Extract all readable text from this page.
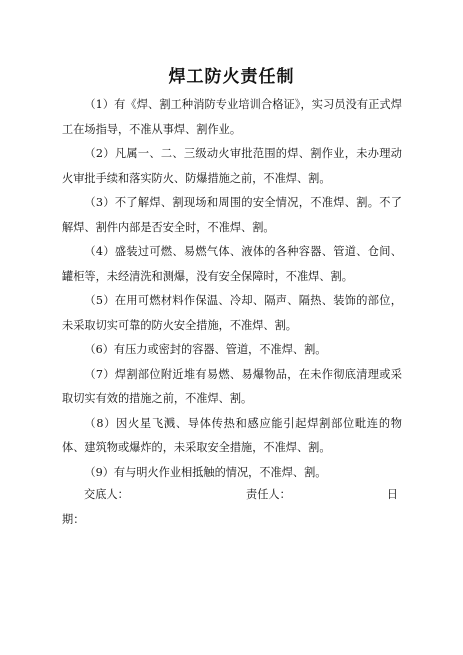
焊工防火责任制

（1）有《焊、割工种消防专业培训合格证》，实习员没有正式焊工在场指导，不准从事焊、割作业。

（2）凡属一、二、三级动火审批范围的焊、割作业，未办理动火审批手续和落实防火、防爆措施之前，不准焊、割。

（3）不了解焊、割现场和周围的安全情况，不准焊、割。不了解焊、割件内部是否安全时，不准焊、割。

（4）盛装过可燃、易燃气体、液体的各种容器、管道、仓间、罐柜等，未经清洗和测爆，没有安全保障时，不准焊、割。

（5）在用可燃材料作保温、冷却、隔声、隔热、装饰的部位，未采取切实可靠的防火安全措施，不准焊、割。

（6）有压力或密封的容器、管道，不准焊、割。

（7）焊割部位附近堆有易燃、易爆物品，在未作彻底清理或采取切实有效的措施之前，不准焊、割。

（8）因火星飞溅、导体传热和感应能引起焊割部位毗连的物体、建筑物或爆炸的，未采取安全措施，不准焊、割。

（9）有与明火作业相抵触的情况，不准焊、割。

交底人：	责任人：	日
期：
